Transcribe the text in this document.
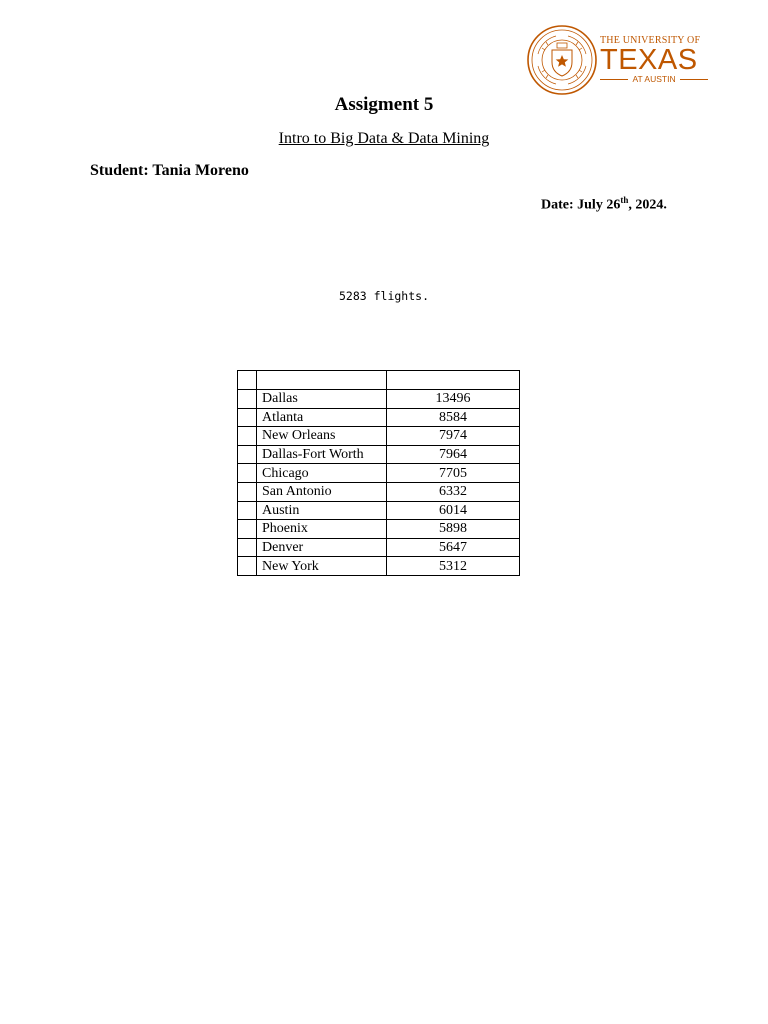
THE UNIVERSITY OF
TEXAS
AT AUSTIN
Assigment 5
Intro to Big Data & Data Mining
Student: Tania Moreno
Date: July 26th, 2024.
5283 flights.

	Dallas	13496
	Atlanta	8584
	New Orleans	7974
	Dallas-Fort Worth	7964
	Chicago	7705
	San Antonio	6332
	Austin	6014
	Phoenix	5898
	Denver	5647
	New York	5312
